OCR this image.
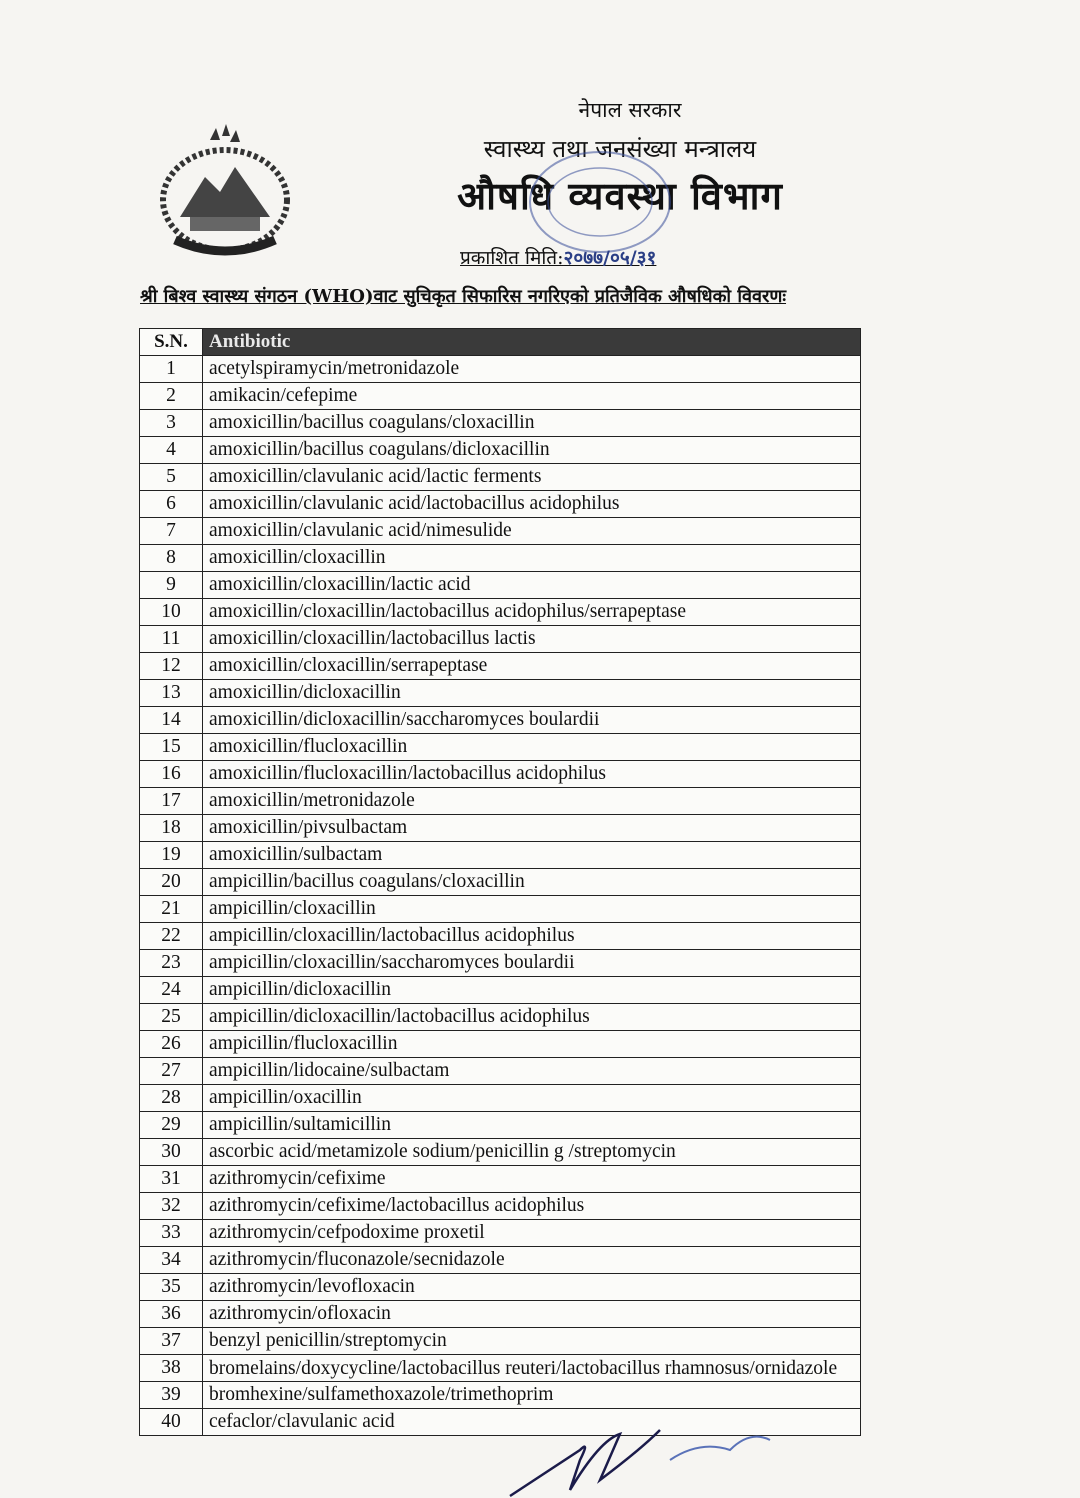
नेपाल सरकार
स्वास्थ्य तथा जनसंख्या मन्त्रालय
औषधि व्यवस्था विभाग
प्रकाशित मिति:२०७७/०५/३१
श्री बिश्व स्वास्थ्य संगठन (WHO)वाट सुचिकृत सिफारिस नगरिएको प्रतिजैविक औषधिको विवरणः
S.N.	Antibiotic
1	acetylspiramycin/metronidazole
2	amikacin/cefepime
3	amoxicillin/bacillus coagulans/cloxacillin
4	amoxicillin/bacillus coagulans/dicloxacillin
5	amoxicillin/clavulanic acid/lactic ferments
6	amoxicillin/clavulanic acid/lactobacillus acidophilus
7	amoxicillin/clavulanic acid/nimesulide
8	amoxicillin/cloxacillin
9	amoxicillin/cloxacillin/lactic acid
10	amoxicillin/cloxacillin/lactobacillus acidophilus/serrapeptase
11	amoxicillin/cloxacillin/lactobacillus lactis
12	amoxicillin/cloxacillin/serrapeptase
13	amoxicillin/dicloxacillin
14	amoxicillin/dicloxacillin/saccharomyces boulardii
15	amoxicillin/flucloxacillin
16	amoxicillin/flucloxacillin/lactobacillus acidophilus
17	amoxicillin/metronidazole
18	amoxicillin/pivsulbactam
19	amoxicillin/sulbactam
20	ampicillin/bacillus coagulans/cloxacillin
21	ampicillin/cloxacillin
22	ampicillin/cloxacillin/lactobacillus acidophilus
23	ampicillin/cloxacillin/saccharomyces boulardii
24	ampicillin/dicloxacillin
25	ampicillin/dicloxacillin/lactobacillus acidophilus
26	ampicillin/flucloxacillin
27	ampicillin/lidocaine/sulbactam
28	ampicillin/oxacillin
29	ampicillin/sultamicillin
30	ascorbic acid/metamizole sodium/penicillin g /streptomycin
31	azithromycin/cefixime
32	azithromycin/cefixime/lactobacillus acidophilus
33	azithromycin/cefpodoxime proxetil
34	azithromycin/fluconazole/secnidazole
35	azithromycin/levofloxacin
36	azithromycin/ofloxacin
37	benzyl penicillin/streptomycin
38	bromelains/doxycycline/lactobacillus reuteri/lactobacillus rhamnosus/ornidazole
39	bromhexine/sulfamethoxazole/trimethoprim
40	cefaclor/clavulanic acid
